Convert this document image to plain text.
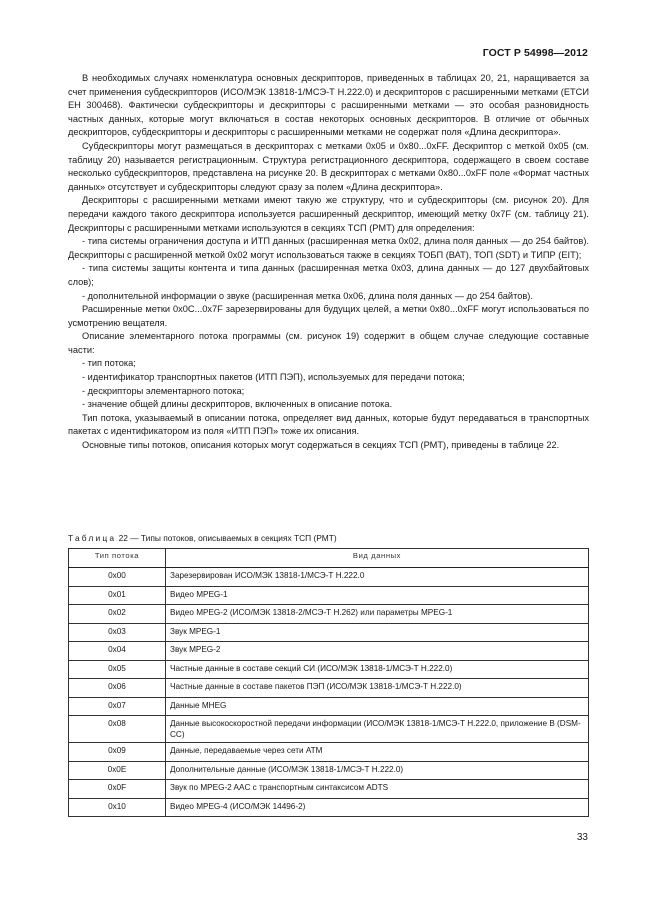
ГОСТ Р 54998—2012

В необходимых случаях номенклатура основных дескрипторов, приведенных в таблицах 20, 21, наращивается за счет применения субдескрипторов (ИСО/МЭК 13818-1/МСЭ-Т Н.222.0) и дескрипторов с расширенными метками (ЕТСИ ЕН 300468). Фактически субдескрипторы и дескрипторы с расширенными метками — это особая разновидность частных данных, которые могут включаться в состав некоторых основных дескрипторов. В отличие от обычных дескрипторов, субдескрипторы и дескрипторы с расширенными метками не содержат поля «Длина дескриптора».

Субдескрипторы могут размещаться в дескрипторах с метками 0x05 и 0x80...0xFF. Дескриптор с меткой 0x05 (см. таблицу 20) называется регистрационным. Структура регистрационного дескриптора, содержащего в своем составе несколько субдескрипторов, представлена на рисунке 20. В дескрипторах с метками 0x80...0xFF поле «Формат частных данных» отсутствует и субдескрипторы следуют сразу за полем «Длина дескриптора».

Дескрипторы с расширенными метками имеют такую же структуру, что и субдескрипторы (см. рисунок 20). Для передачи каждого такого дескриптора используется расширенный дескриптор, имеющий метку 0x7F (см. таблицу 21). Дескрипторы с расширенными метками используются в секциях ТСП (РМТ) для определения:

- типа системы ограничения доступа и ИТП данных (расширенная метка 0x02, длина поля данных — до 254 байтов). Дескрипторы с расширенной меткой 0x02 могут использоваться также в секциях ТОБП (ВАТ), ТОП (SDT) и ТИПР (EIT);

- типа системы защиты контента и типа данных (расширенная метка 0x03, длина данных — до 127 двухбайтовых слов);

- дополнительной информации о звуке (расширенная метка 0x06, длина поля данных — до 254 байтов).

Расширенные метки 0x0C...0x7F зарезервированы для будущих целей, а метки 0x80...0xFF могут использоваться по усмотрению вещателя.

Описание элементарного потока программы (см. рисунок 19) содержит в общем случае следующие составные части:

- тип потока;

- идентификатор транспортных пакетов (ИТП ПЭП), используемых для передачи потока;

- дескрипторы элементарного потока;

- значение общей длины дескрипторов, включенных в описание потока.

Тип потока, указываемый в описании потока, определяет вид данных, которые будут передаваться в транспортных пакетах с идентификатором из поля «ИТП ПЭП» тоже их описания.

Основные типы потоков, описания которых могут содержаться в секциях ТСП (РМТ), приведены в таблице 22.

Таблица 22 — Типы потоков, описываемых в секциях ТСП (РМТ)
Тип потока	Вид данных
0x00	Зарезервирован ИСО/МЭК 13818-1/МСЭ-Т Н.222.0
0x01	Видео MPEG-1
0x02	Видео MPEG-2 (ИСО/МЭК 13818-2/МСЭ-Т Н.262) или параметры MPEG-1
0x03	Звук MPEG-1
0x04	Звук MPEG-2
0x05	Частные данные в составе секций СИ (ИСО/МЭК 13818-1/МСЭ-Т Н.222.0)
0x06	Частные данные в составе пакетов ПЭП (ИСО/МЭК 13818-1/МСЭ-Т Н.222.0)
0x07	Данные MHEG
0x08	Данные высокоскоростной передачи информации (ИСО/МЭК 13818-1/МСЭ-Т Н.222.0, приложение В (DSM-CC)
0x09	Данные, передаваемые через сети АТМ
0x0E	Дополнительные данные (ИСО/МЭК 13818-1/МСЭ-Т Н.222.0)
0x0F	Звук по MPEG-2 AAC с транспортным синтаксисом ADTS
0x10	Видео MPEG-4 (ИСО/МЭК 14496-2)
33
